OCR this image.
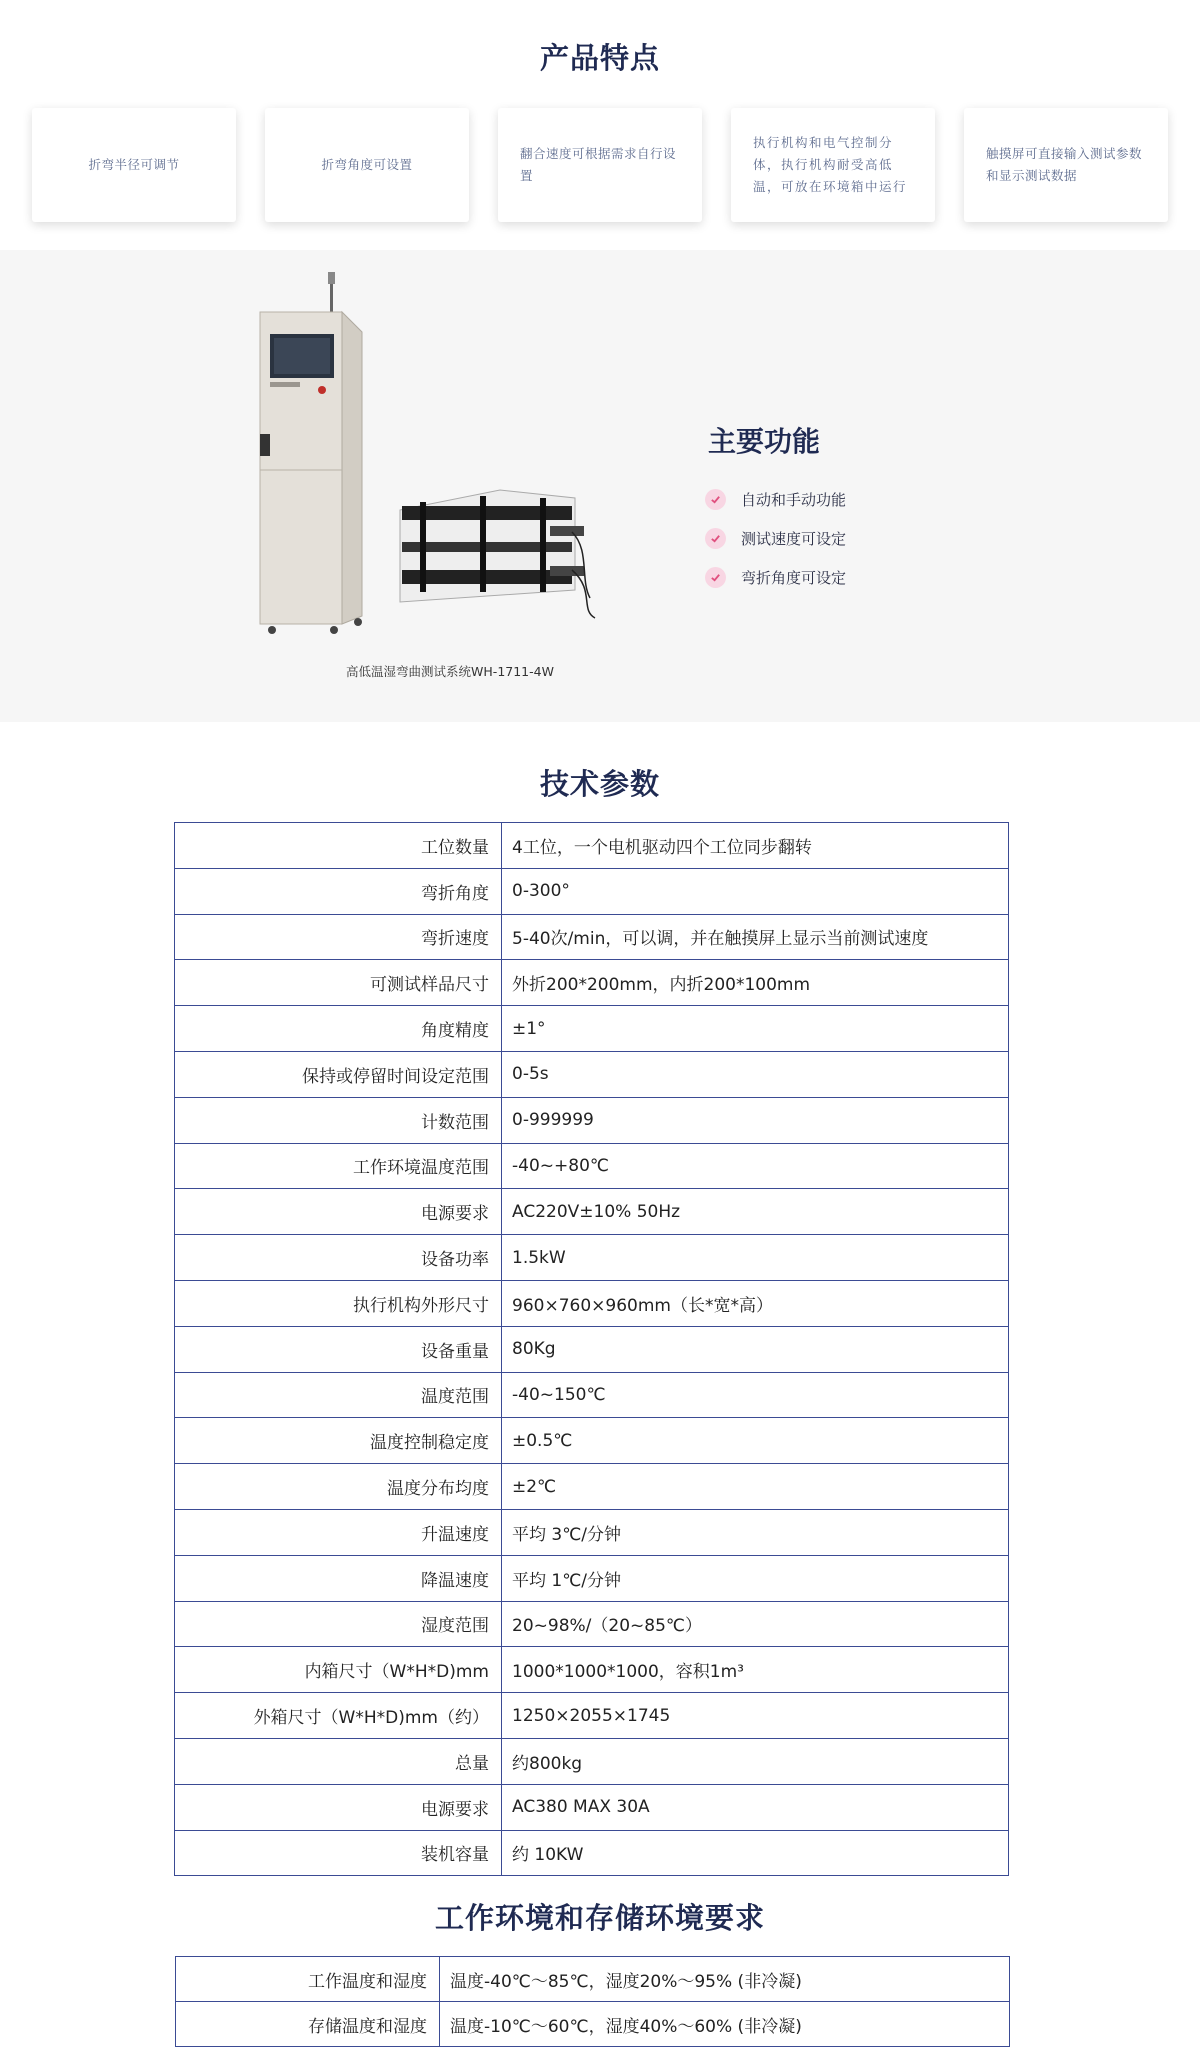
产品特点
折弯半径可调节	折弯角度可设置
翻合速度可根据需求自行设置
执行机构和电气控制分体，执行机构耐受高低温，可放在环境箱中运行
触摸屏可直接输入测试参数和显示测试数据
高低温湿弯曲测试系统WH-1711-4W
主要功能
自动和手动功能
测试速度可设定
弯折角度可设定
技术参数
工位数量	4工位，一个电机驱动四个工位同步翻转
弯折角度	0-300°
弯折速度	5-40次/min，可以调，并在触摸屏上显示当前测试速度
可测试样品尺寸	外折200*200mm，内折200*100mm
角度精度	±1°
保持或停留时间设定范围	0-5s
计数范围	0-999999
工作环境温度范围	-40~+80℃
电源要求	AC220V±10% 50Hz
设备功率	1.5kW
执行机构外形尺寸	960×760×960mm（长*宽*高）
设备重量	80Kg
温度范围	-40~150℃
温度控制稳定度	±0.5℃
温度分布均度	±2℃
升温速度	平均 3℃/分钟
降温速度	平均 1℃/分钟
湿度范围	20~98%/（20~85℃）
内箱尺寸（W*H*D)mm	1000*1000*1000，容积1m³
外箱尺寸（W*H*D)mm（约）	1250×2055×1745
总量	约800kg
电源要求	AC380 MAX 30A
装机容量	约 10KW
工作环境和存储环境要求
工作温度和湿度	温度-40℃～85℃，湿度20%～95% (非冷凝)
存储温度和湿度	温度-10℃～60℃，湿度40%～60% (非冷凝)
